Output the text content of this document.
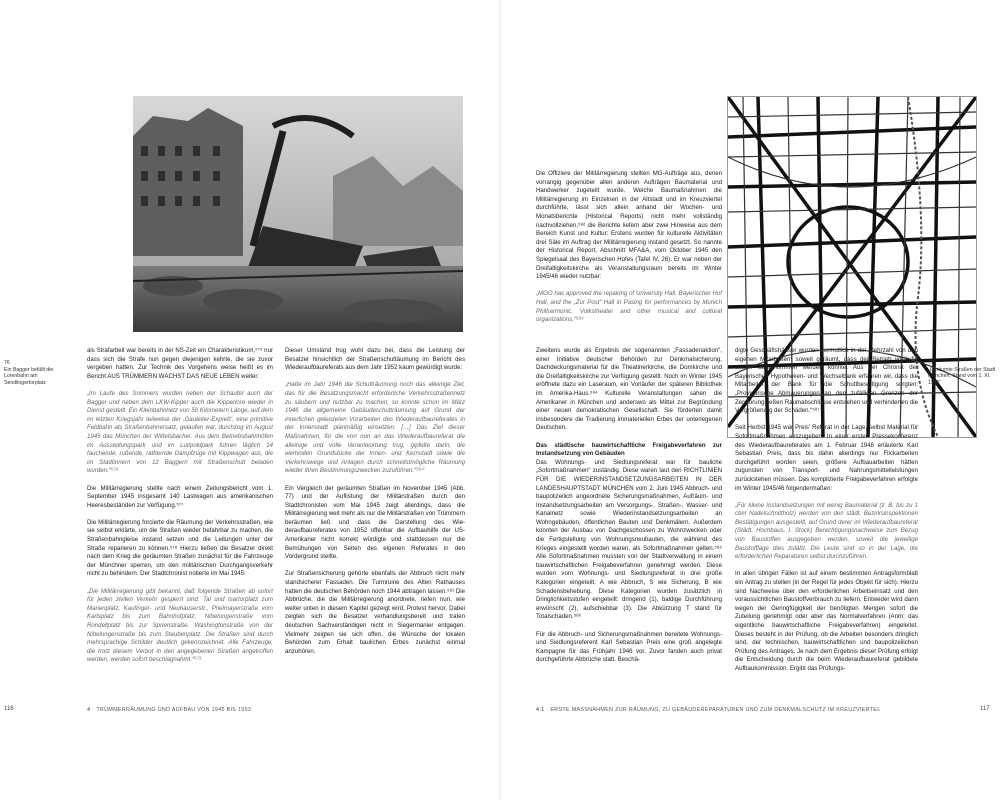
76
Ein Bagger befüllt die Lorenbahn am Sendlingertorplatz

als Strafarbeit war bereits in der NS-Zeit ein Charakteristikum,⁵⁷⁵ nur dass sich die Strafe nun gegen diejenigen kehrte, die sie zuvor vergeben hatten. Zur Technik des Vorgehens weise heißt es im Bericht AUS TRÜMMERN WÄCHST DAS NEUE LEBEN weiter:

„Im Laufe des Sommers wurden neben der Schaufel auch der Bagger und neben dem LKW-Kipper auch die Kipperlore wieder in Dienst gestellt. Ein Kleinbahnnetz von 50 Kilometern Länge, auf dem im letzten Kriegsjahr teilweise der ‚Gauleiter-Expreß‘, eine primitive Feldbahn als Straßenbahnersatz, gelaufen war, durchzog im August 1945 das München der Wittelsbacher. Aus dem Betriebsbahnhöfen im Ausstellungspark und im Luitpoldpark fuhren täglich 14 fauchende, rußende, rattternde Dampfzüge mit Kippwagen aus, die im Stadtinnern von 12 Baggern mit Straßenschutt beladen wurden.“⁵⁷⁶

Die Militärregierung stellte nach einem Zeitungsbericht vom 1. September 1945 insgesamt 140 Lastwagen aus amerikanischen Heeresbeständen zur Verfügung.⁵⁷⁷

Die Militärregierung forcierte die Räumung der Verkehrsstraßen, wie sie selbst erklärte, um die Straßen wieder befahrbar zu machen, die Straßenbahngleise instand setzen und die Leitungen unter der Straße reparieren zu können.⁵⁷⁸ Hierzu ließen die Besatzer direkt nach dem Krieg die geräumten Straßen zunächst für die Fahrzeuge der Münchner sperren, um den militärischen Durchgangsverkehr nicht zu behindern. Der Stadtchronist notierte im Mai 1945:

„Die Militärregierung gibt bekannt, daß folgende Straßen ab sofort für jeden zivilen Verkehr gesperrt sind: Tal und Isartorplatz zum Marienplatz, Kaufinger- und Neuhauserstr., Prielmayerstraße vom Karlsplatz bis zum Bahnhofplatz, Nibelungenstraße vom Rondellplatz bis zur Sprienstraße, Washingtonstraße von der Nibelungenstraße bis zum Steubenplatz. Die Straßen sind durch mehrsprachige Schilder deutlich gekennzeichnet. Alle Fahrzeuge, die trotz diesem Verbot in den angegebenen Straßen angetroffen werden, werden sofort beschlagnahmt.“⁵⁷⁹

Dieser Umstand trug wohl dazu bei, dass die Leistung der Besatzer hinsichtlich der Straßenschuttäumung im Bericht des Wiederaufbaureferats aus dem Jahr 1952 kaum gewürdigt wurde:

„Hatte im Jahr 1946 die Schutträumung noch das alleinige Ziel, das für die Besatzungsmacht erforderliche Verkehrsstraßennetz zu säubern und nutzbar zu machen, so konnte schon im März 1946 die allgemeine Gebäudeschutträumung auf Grund der innerlichen geleisteten Vorarbeiten des Wiederaufbaureferates in der Innenstadt planmäßig einsetzen. […] Das Ziel dieser Maßnahmen, für die von nun an das Wiederaufbaureferat die alleinige und volle Verantwortung trug, gipfelte darin, die wertvollen Grundstücke der Innen- und Kernstadt sowie die Verkehrswege und Anlagen durch schnellstmögliche Räumung wieder ihren Bestimmungszwecken zuzuführen.“⁵⁸⁰

Ein Vergleich der geräumten Straßen im November 1945 (Abb. 77) und der Auflistung der Militärstraßen durch den Stadtchronisten vom Mai 1945 zeigt allerdings, dass die Militärregierung weit mehr als nur die Militärstraßen von Trümmern beräumen ließ und dass die Darstellung des Wiederaufbaureferates von 1952 offenbar die Aufbauhilfe der US-Amerikaner nicht korrekt würdigte und stattdessen nur die Bemühungen von Seiten des eigenen Referates in den Vordergrund stellte.

Zur Straßensicherung gehörte ebenfalls der Abbruch nicht mehr standsicherer Fassaden. Die Turmruine des Alten Rathauses hatten die deutschen Behörden noch 1944 abtragen lassen.⁵⁸¹ Die Abbrüche, die die Militärregierung anordnete, riefen nun, wie weiter unten in diesem Kapitel gezeigt wird, Protest hervor. Dabei zeigten sich die Besatzer verhandlungsbereit und traten deutschen Sachverständigen nicht in Siegermanier entgegen. Vielmehr zeigten sie sich offen, die Wünsche der lokalen Behörden zum Erhalt baulichen Erbes zunächst einmal anzuhören.

116	4 TRÜMMERRÄUMUNG UND AUFBAU VON 1945 BIS 1953

Die Offiziere der Militärregierung stellten MG-Aufträge aus, denen vorrangig gegenüber allen anderen Aufträgen Baumaterial und Handwerker zugeteilt wurde. Welche Baumaßnahmen die Militärregierung im Einzelnen in der Altstadt und im Kreuzviertel durchführte, lässt sich allein anhand der Wochen- und Monatsberichte (Historical Reports) nicht mehr vollständig nachvollziehen,⁵⁸² die Berichte liefern aber zwei Hinweise aus dem Bereich Kunst und Kultur: Erstens wurden für kulturelle Aktivitäten drei Säle im Auftrag der Militärregierung instand gesetzt. So nannte der Historical Report, Abschnitt MFA&A, vom Oktober 1945 den Spiegelsaal des Bayerischen Hofes (Tafel IV, 26). Er war neben der Dreifaltigkeitskirche als Veranstaltungsraum bereits im Winter 1945/46 wieder nutzbar:

„MGO has approved the repairing of University Hall, Bayerischer Hof Hall, and the „Zur Post“ Hall in Pasing for performances by Munich Philharmonic, Volkstheater and other musical and cultural organizations.“⁵⁸³

77
„Geräumte Straßen der Stadt München, Stand vom 1. XI. 1945“

Zweitens wurde als Ergebnis der sogenannten „Fassadenaktion“, einer Initiative deutscher Behörden zur Denkmalsicherung, Dachdeckungsmaterial für die Theatinerkirche, die Domkirche und die Dreifaltigkeitskirche zur Verfügung gestellt. Noch im Winter 1945 eröffnete dazu ein Laseraum, ein Vorläufer der späteren Bibliothek im Amerika-Haus.⁵⁸⁴ Kulturelle Veranstaltungen sahen die Amerikaner in München und anderswo als Mittel zur Begründung einer neuen demokratischen Gesellschaft. Sie förderten damit insbesondere die Tradierung immateriellen Erbes der unterlegenen Deutschen.

Das städtische bauwirtschaftliche Freigabeverfahren zur Instandsetzung von Gebäuden

Das Wohnungs- und Siedlungsreferat war für bauliche „Sofortmaßnahmen“ zuständig. Diese waren laut den RICHTLINIEN FÜR DIE WIEDERINSTANDSETZUNGSARBEITEN IN DER LANDESHAUPTSTADT MÜNCHEN vom 2. Juni 1945 Abbruch- und baupolizeilich angeordnete Sicherungsmaßnahmen, Aufräum- und Instandsetzungsarbeiten am Versorgungs-, Straßen-, Wasser- und Kanalnetz sowie Wiederinstandsetzungsarbeiten an Wohngebäuden, öffentlichen Bauten und Denkmälern. Außerdem konnten der Ausbau von Dachgeschossen zu Wohnzwecken oder die Fertigstellung von Wohnungsneubauten, die während des Krieges eingestellt worden waren, als Sofortmaßnahmen gelten.⁵⁸⁵ Alle Sofortmaßnahmen mussten von der Stadtverwaltung in einem bauwirtschaftlichen Freigabeverfahren genehmigt werden. Diese wurden vom Wohnungs- und Siedlungsreferat in drei große Kategorien eingeteilt: A wie Abbruch, S wie Sicherung, B wie Schadensbehebung. Diese Kategorien wurden zusätzlich in Dringlichkeitsstufen eingeteilt: dringend (1), baldige Durchführung erwünscht (2), aufschiebbar (3). Die Abkürzung T stand für Totalschaden.⁵⁸⁶

Für die Abbruch- und Sicherungsmaßnahmen bereitete Wohnungs- und Siedlungsreferent Karl Sebastian Preis eine groß angelegte Kampagne für das Frühjahr 1946 vor. Zuvor fanden auch privat durchgeführte Abbrüche statt. Beschä-

digte Geschäftshäuser wurden vermutlich in der Mehrzahl von den eigenen Mitarbeitern soweit geräumt, dass der Betrieb vorläufig wieder aufgenommen werden konnte. Aus der Chronik der Bayerischen Hypotheken- und Wechselbank erfahren wir, dass die Mitarbeiter der Bank für die Schuttbeseitigung sorgten: „Provisorische Abmauerungen an den zufälligen Grenzen der Zerstörung ließen Raumabschlüsse entstehen und verhinderten die Vergrößerung der Schäden.“⁵⁸⁷

Seit Herbst 1945 war Preis’ Referat in der Lage, selbst Material für Sofortmaßnahmen auszugeben. In einer ersten Pressekonferenz des Wiederaufbaureferates am 1. Februar 1948 erläuterte Karl Sebastian Preis, dass bis dahin allerdings nur Flickarbeiten durchgeführt worden seien, größere Aufbauarbeiten hätten zugunsten von Transport- und Nahrungsmittelleistungen zurückstehen müssen. Das komplizierte Freigabeverfahren erfolgte im Winter 1945/46 folgendermaßen:

„Für kleine Instandsetzungen mit wenig Baumaterial (z. B. bis zu 1 cbm Nadelschnittholz) werden von den städt. Bezirksinspektionen Bestätigungen ausgestellt, auf Grund derer im Wiederaufbaureferat (Städt. Hochbaus, I. Stock) Berechtigungsnachweise zum Bezug von Baustoffen ausgegeben werden, soweit die jeweilige Baustofflage dies zuläßt. Die Leute sind so in der Lage, die erforderlichen Reparaturen selbst durchzuführen.

In allen übrigen Fällen ist auf einem bestimmten Antragsformblatt ein Antrag zu stellen (in der Regel für jedes Objekt für sich). Hierzu sind Nachweise über den erforderlichen Arbeitseinsatz und den voraussichtlichen Baustoffverbrauch zu liefern. Entweder wird dann wegen der Geringfügigkeit der benötigten Mengen sofort die Zuteilung genehmigt oder aber das Normalverfahren (Anm: das eigentliche bauwirtschaftliche Freigabeverfahren) eingeleitet. Dieses besteht in der Prüfung, ob die Arbeiten besonders dringlich sind, der technischen, bauwirtschaftlichen und baupolizeilichen Prüfung des Antrages. Je nach dem Ergebnis dieser Prüfung erfolgt die Entscheidung durch die beim Wiederaufbaureferat gebildete Aufbaukommission. Ergibt das Prüfungs-

4.1 ERSTE MASSNAHMEN ZUR RÄUMUNG, ZU GEBÄUDEREPARATUREN UND ZUM DENKMALSCHUTZ IM KREUZVIERTEL	117
